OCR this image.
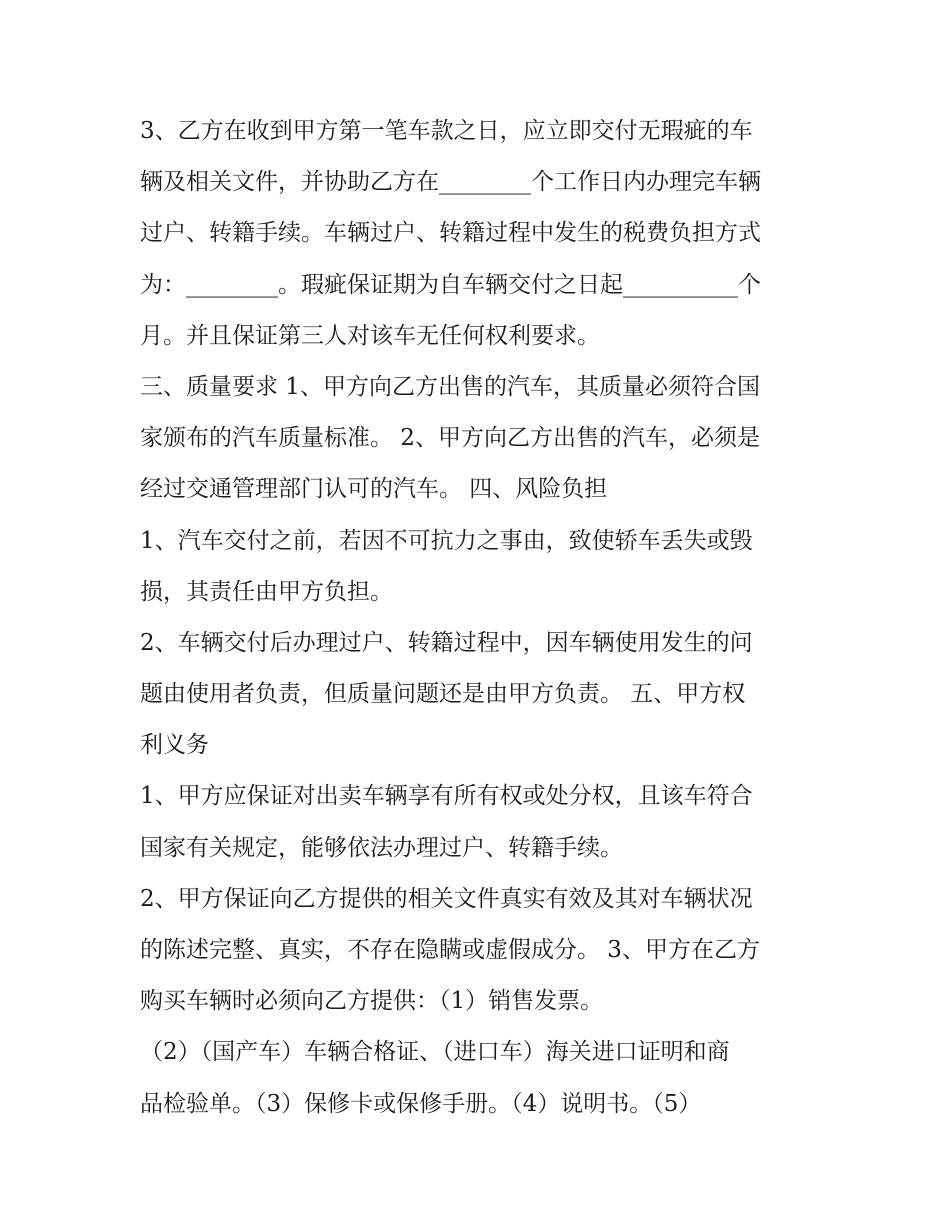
3、乙方在收到甲方第一笔车款之日，应立即交付无瑕疵的车
辆及相关文件，并协助乙方在________个工作日内办理完车辆
过户、转籍手续。车辆过户、转籍过程中发生的税费负担方式
为：________。瑕疵保证期为自车辆交付之日起__________个
月。并且保证第三人对该车无任何权利要求。
三、质量要求 1、甲方向乙方出售的汽车，其质量必须符合国
家颁布的汽车质量标准。 2、甲方向乙方出售的汽车，必须是
经过交通管理部门认可的汽车。 四、风险负担
1、汽车交付之前，若因不可抗力之事由，致使轿车丢失或毁
损，其责任由甲方负担。
2、车辆交付后办理过户、转籍过程中，因车辆使用发生的问
题由使用者负责，但质量问题还是由甲方负责。 五、甲方权
利义务
1、甲方应保证对出卖车辆享有所有权或处分权，且该车符合
国家有关规定，能够依法办理过户、转籍手续。
2、甲方保证向乙方提供的相关文件真实有效及其对车辆状况
的陈述完整、真实，不存在隐瞒或虚假成分。 3、甲方在乙方
购买车辆时必须向乙方提供：（1）销售发票。
（2）（国产车）车辆合格证、（进口车）海关进口证明和商
品检验单。（3）保修卡或保修手册。（4）说明书。（5）
